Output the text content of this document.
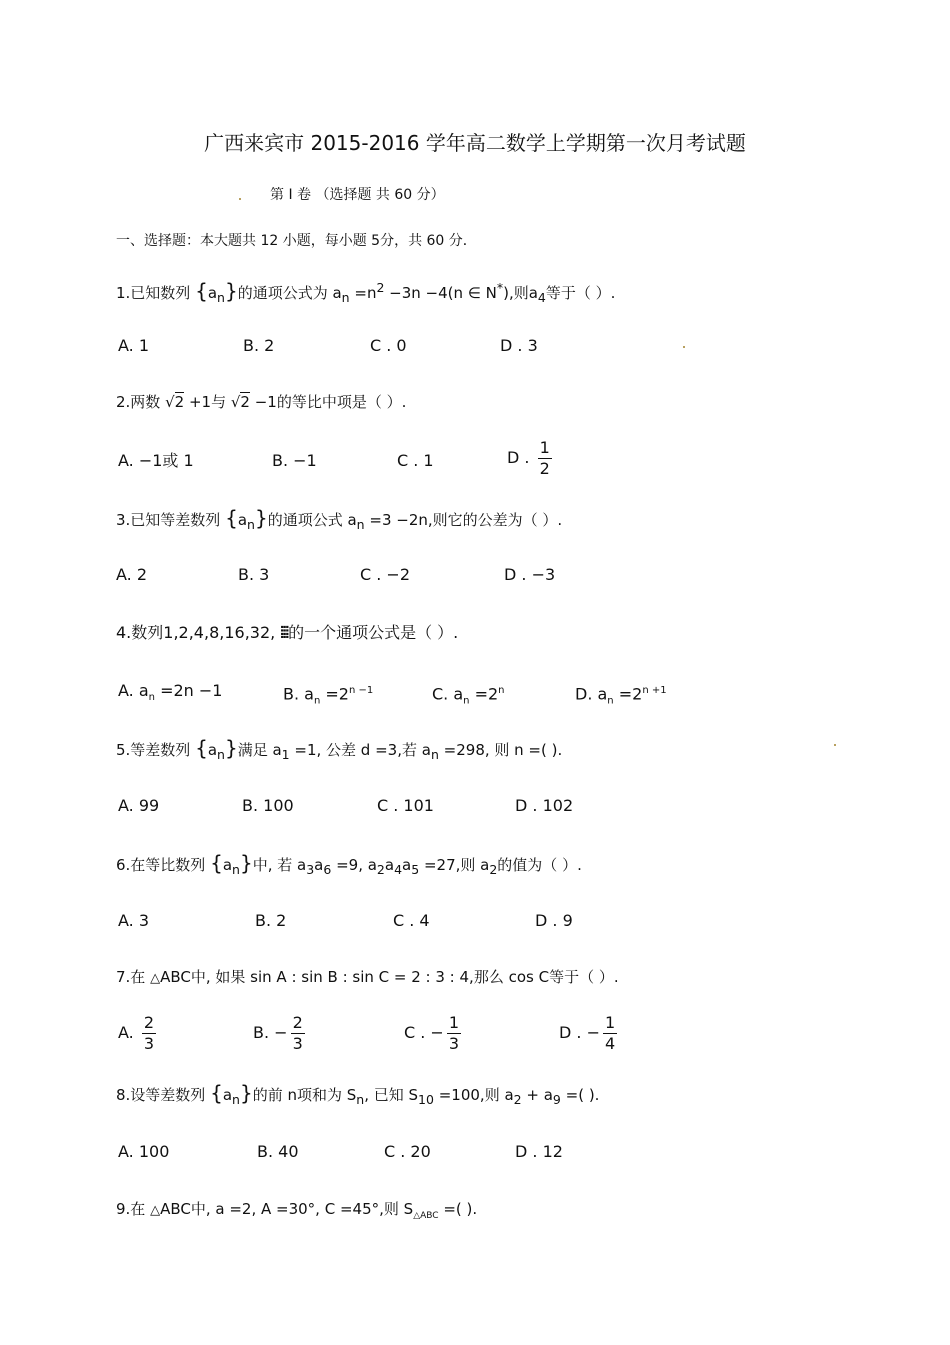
广西来宾市 2015-2016 学年高二数学上学期第一次月考试题
第 I 卷 （选择题 共 60 分）
一、选择题：本大题共 12 小题，每小题 5分，共 60 分．
1.已知数列 $\{a_n\}$的通项公式为 $a_n =n^2 -3n -4(n$ ∈ N*),则$a_4$等于（ ）.
A. 1	B. 2	C . 0	D . 3
2.两数 √2 +1与 √2 −1的等比中项是（ ）.
A. −1或 1	B. −1	C . 1	D . $\frac{1}{2}$
3.已知等差数列 $\{a_n\}$的通项公式 $a_n =3 -2n$,则它的公差为（ ）.
A. 2	B. 3	C . −2	D . −3
4.数列1,2,4,8,16,32, ⦙⦙⦙的一个通项公式是（ ）.
A. $a_n =2n -1$	B. $a_n =2^{n -1}$	C. $a_n =2^n$	D. $a_n =2^{n +1}$
5.等差数列 $\{a_n\}$满足 $a_1 =1$, 公差 d =3,若 $a_n =298$, 则 n =( ).
A. 99	B. 100	C . 101	D . 102
6.在等比数列 $\{a_n\}$中, 若 $a_3a_6 =9$, $a_2a_4a_5 =27$,则 $a_2$的值为（ ）.
A. 3	B. 2	C . 4	D . 9
7.在 △ABC中, 如果 sin A : sin B : sin C = 2 : 3 : 4,那么 cos C等于（ ）.
A. $\frac{2}{3}$	B. − $\frac{2}{3}$	C . − $\frac{1}{3}$	D . − $\frac{1}{4}$
8.设等差数列 $\{a_n\}$的前 n项和为 $S_n$, 已知 $S_{10} =100$,则 $a_2 + a_9$ =( ).
A. 100	B. 40	C . 20	D . 12
9.在 △ABC中, a =2, A =30°, C =45°,则 $S_{\triangle ABC}$ =( ).
